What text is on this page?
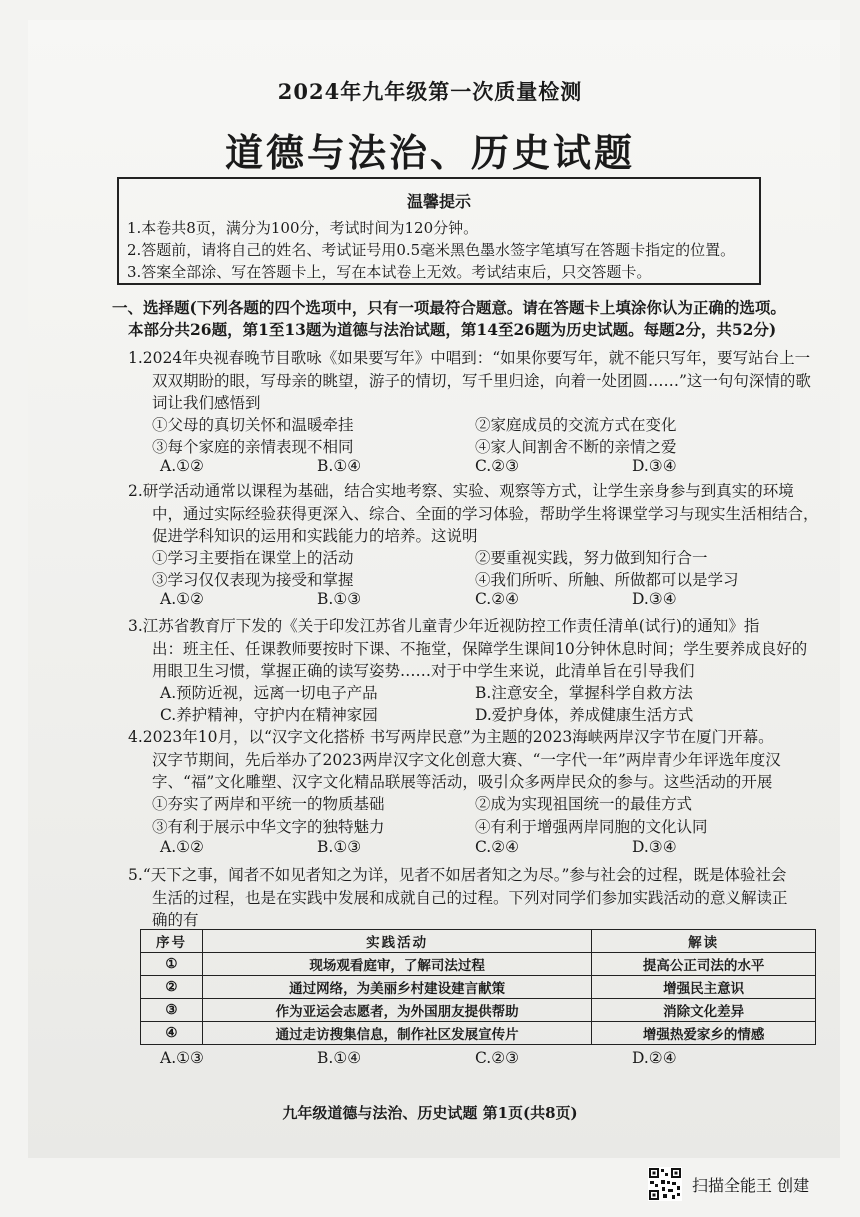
2024年九年级第一次质量检测
道德与法治、历史试题
温馨提示
1.本卷共8页，满分为100分，考试时间为120分钟。
2.答题前，请将自己的姓名、考试证号用0.5毫米黑色墨水签字笔填写在答题卡指定的位置。
3.答案全部涂、写在答题卡上，写在本试卷上无效。考试结束后，只交答题卡。
一、选择题(下列各题的四个选项中，只有一项最符合题意。请在答题卡上填涂你认为正确的选项。
本部分共26题，第1至13题为道德与法治试题，第14至26题为历史试题。每题2分，共52分)
1.2024年央视春晚节目歌咏《如果要写年》中唱到：“如果你要写年，就不能只写年，要写站台上一
双双期盼的眼，写母亲的眺望，游子的情切，写千里归途，向着一处团圆……”这一句句深情的歌
词让我们感悟到
①父母的真切关怀和温暖牵挂	②家庭成员的交流方式在变化
③每个家庭的亲情表现不相同	④家人间割舍不断的亲情之爱
A.①②	B.①④	C.②③	D.③④
2.研学活动通常以课程为基础，结合实地考察、实验、观察等方式，让学生亲身参与到真实的环境
中，通过实际经验获得更深入、综合、全面的学习体验，帮助学生将课堂学习与现实生活相结合，
促进学科知识的运用和实践能力的培养。这说明
①学习主要指在课堂上的活动	②要重视实践，努力做到知行合一
③学习仅仅表现为接受和掌握	④我们所听、所触、所做都可以是学习
A.①②	B.①③	C.②④	D.③④
3.江苏省教育厅下发的《关于印发江苏省儿童青少年近视防控工作责任清单(试行)的通知》指
出：班主任、任课教师要按时下课、不拖堂，保障学生课间10分钟休息时间；学生要养成良好的
用眼卫生习惯，掌握正确的读写姿势……对于中学生来说，此清单旨在引导我们
A.预防近视，远离一切电子产品	B.注意安全，掌握科学自救方法
C.养护精神，守护内在精神家园	D.爱护身体，养成健康生活方式
4.2023年10月，以“汉字文化搭桥 书写两岸民意”为主题的2023海峡两岸汉字节在厦门开幕。
汉字节期间，先后举办了2023两岸汉字文化创意大赛、“一字代一年”两岸青少年评选年度汉
字、“福”文化雕塑、汉字文化精品联展等活动，吸引众多两岸民众的参与。这些活动的开展
①夯实了两岸和平统一的物质基础	②成为实现祖国统一的最佳方式
③有利于展示中华文字的独特魅力	④有利于增强两岸同胞的文化认同
A.①②	B.①③	C.②④	D.③④
5.“天下之事，闻者不如见者知之为详，见者不如居者知之为尽。”参与社会的过程，既是体验社会
生活的过程，也是在实践中发展和成就自己的过程。下列对同学们参加实践活动的意义解读正
确的有
序号	实践活动	解读
①	现场观看庭审，了解司法过程	提高公正司法的水平
②	通过网络，为美丽乡村建设建言献策	增强民主意识
③	作为亚运会志愿者，为外国朋友提供帮助	消除文化差异
④	通过走访搜集信息，制作社区发展宣传片	增强热爱家乡的情感
A.①③	B.①④	C.②③	D.②④
九年级道德与法治、历史试题 第1页(共8页)
扫描全能王 创建
